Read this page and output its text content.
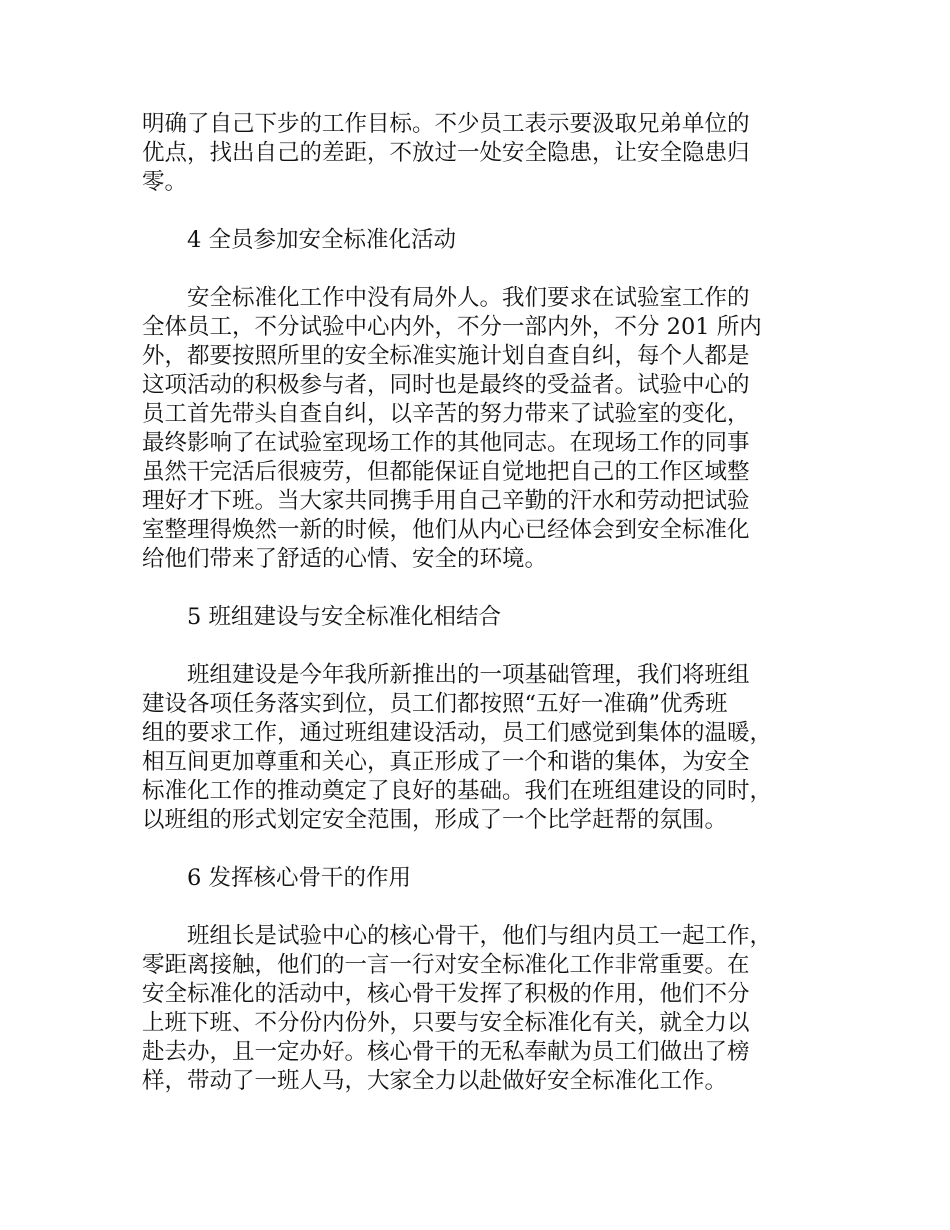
明确了自己下步的工作目标。不少员工表示要汲取兄弟单位的
优点，找出自己的差距，不放过一处安全隐患，让安全隐患归
零。

4 全员参加安全标准化活动

安全标准化工作中没有局外人。我们要求在试验室工作的
全体员工，不分试验中心内外，不分一部内外，不分 201 所内
外，都要按照所里的安全标准实施计划自查自纠，每个人都是
这项活动的积极参与者，同时也是最终的受益者。试验中心的
员工首先带头自查自纠，以辛苦的努力带来了试验室的变化，
最终影响了在试验室现场工作的其他同志。在现场工作的同事
虽然干完活后很疲劳，但都能保证自觉地把自己的工作区域整
理好才下班。当大家共同携手用自己辛勤的汗水和劳动把试验
室整理得焕然一新的时候，他们从内心已经体会到安全标准化
给他们带来了舒适的心情、安全的环境。

5 班组建设与安全标准化相结合

班组建设是今年我所新推出的一项基础管理，我们将班组
建设各项任务落实到位，员工们都按照“五好一准确”优秀班
组的要求工作，通过班组建设活动，员工们感觉到集体的温暖，
相互间更加尊重和关心，真正形成了一个和谐的集体，为安全
标准化工作的推动奠定了良好的基础。我们在班组建设的同时，
以班组的形式划定安全范围，形成了一个比学赶帮的氛围。

6 发挥核心骨干的作用

班组长是试验中心的核心骨干，他们与组内员工一起工作，
零距离接触，他们的一言一行对安全标准化工作非常重要。在
安全标准化的活动中，核心骨干发挥了积极的作用，他们不分
上班下班、不分份内份外，只要与安全标准化有关，就全力以
赴去办，且一定办好。核心骨干的无私奉献为员工们做出了榜
样，带动了一班人马，大家全力以赴做好安全标准化工作。
